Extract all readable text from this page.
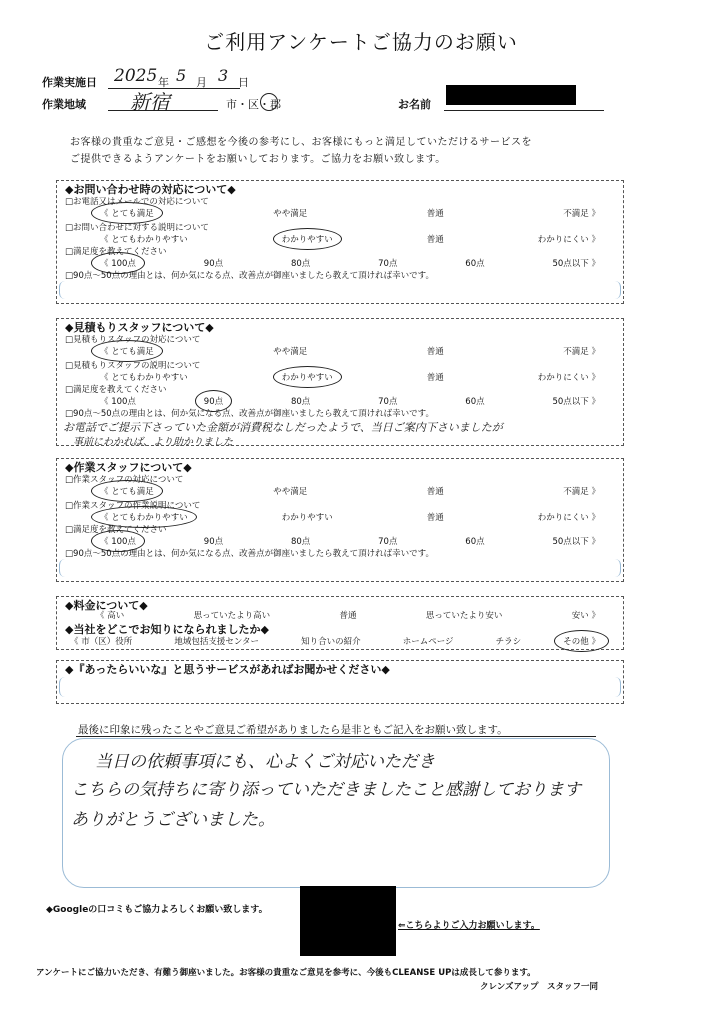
ご利用アンケートご協力のお願い
作業実施日 2025 年 5 月 3 日
作業地域 新宿	市・区・郡	お名前
お客様の貴重なご意見・ご感想を今後の参考にし、お客様にもっと満足していただけるサービスを
ご提供できるようアンケートをお願いしております。ご協力をお願い致します。
◆お問い合わせ時の対応について◆
□お電話又はメールでの対応について
《 とても満足	やや満足	普通	不満足 》
□お問い合わせに対する説明について
《 とてもわかりやすい	わかりやすい	普通	わかりにくい 》
□満足度を教えてください
《 100点	90点	80点	70点	60点	50点以下 》
□90点～50点の理由とは、何か気になる点、改善点が御座いましたら教えて頂ければ幸いです。
◆見積もりスタッフについて◆
□見積もりスタッフの対応について
《 とても満足	やや満足	普通	不満足 》
□見積もりスタッフの説明について
《 とてもわかりやすい	わかりやすい	普通	わかりにくい 》
□満足度を教えてください
《 100点	90点	80点	70点	60点	50点以下 》
□90点～50点の理由とは、何か気になる点、改善点が御座いましたら教えて頂ければ幸いです。
お電話でご提示下さっていた金額が消費税なしだったようで、当日ご案内下さいましたが
事前にわかれば、より助かりました
◆作業スタッフについて◆
□作業スタッフの対応について
《 とても満足	やや満足	普通	不満足 》
□作業スタッフの作業説明について
《 とてもわかりやすい	わかりやすい	普通	わかりにくい 》
□満足度を教えてください
《 100点	90点	80点	70点	60点	50点以下 》
□90点～50点の理由とは、何か気になる点、改善点が御座いましたら教えて頂ければ幸いです。
◆料金について◆
《 高い	思っていたより高い	普通	思っていたより安い	安い 》
◆当社をどこでお知りになられましたか◆
《 市（区）役所	地域包括支援センター	知り合いの紹介	ホームページ	チラシ	その他 》
◆『あったらいいな』と思うサービスがあればお聞かせください◆
最後に印象に残ったことやご意見ご希望がありましたら是非ともご記入をお願い致します。
当日の依頼事項にも、心よくご対応いただき
こちらの気持ちに寄り添っていただきましたこと感謝しております
ありがとうございました。
◆Googleの口コミもご協力よろしくお願い致します。
⇐こちらよりご入力お願いします。
アンケートにご協力いただき、有難う御座いました。お客様の貴重なご意見を参考に、今後もCLEANSE UPは成長して参ります。
クレンズアップ　スタッフ一同
